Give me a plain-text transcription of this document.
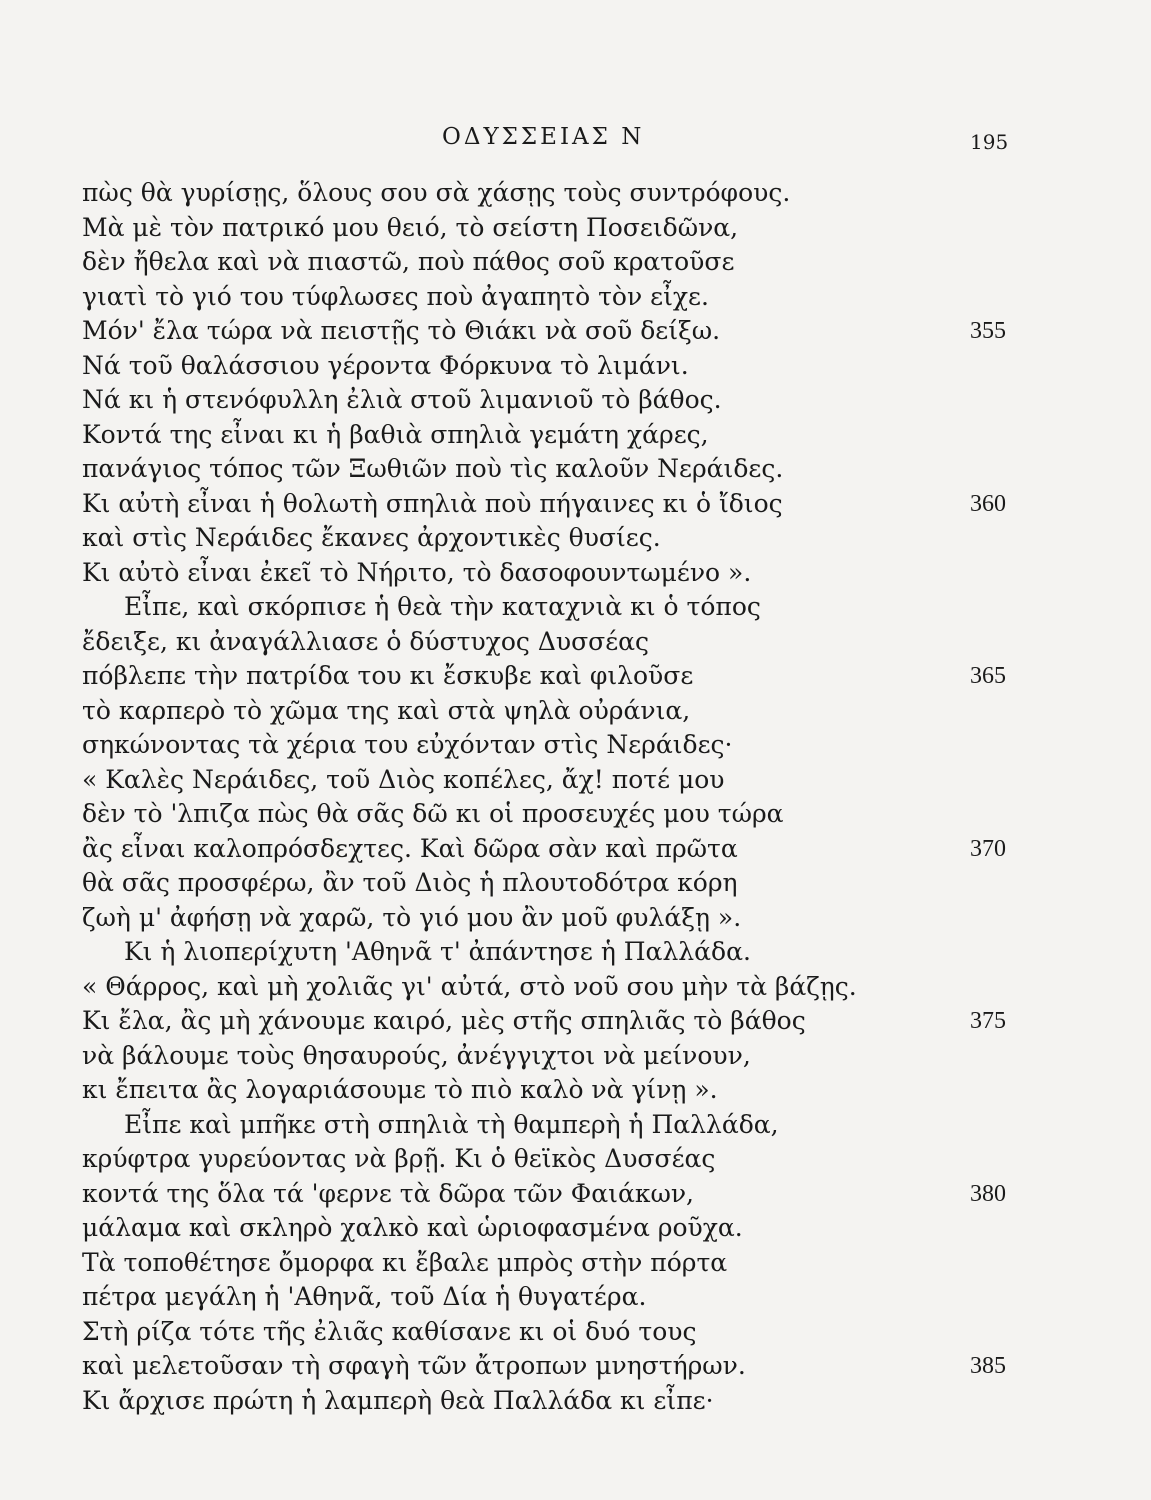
ΟΔΥΣΣΕΙΑΣ Ν	195
πὼς θὰ γυρίσῃς, ὅλους σου σὰ χάσῃς τοὺς συντρόφους.
Μὰ μὲ τὸν πατρικό μου θειό, τὸ σείστη Ποσειδῶνα,
δὲν ἤθελα καὶ νὰ πιαστῶ, ποὺ πάθος σοῦ κρατοῦσε
γιατὶ τὸ γιό του τύφλωσες ποὺ ἀγαπητὸ τὸν εἶχε.
Μόν' ἔλα τώρα νὰ πειστῇς τὸ Θιάκι νὰ σοῦ δείξω.	355
Νά τοῦ θαλάσσιου γέροντα Φόρκυνα τὸ λιμάνι.
Νά κι ἡ στενόφυλλη ἐλιὰ στοῦ λιμανιοῦ τὸ βάθος.
Κοντά της εἶναι κι ἡ βαθιὰ σπηλιὰ γεμάτη χάρες,
πανάγιος τόπος τῶν Ξωθιῶν ποὺ τὶς καλοῦν Νεράιδες.
Κι αὐτὴ εἶναι ἡ θολωτὴ σπηλιὰ ποὺ πήγαινες κι ὁ ἴδιος	360
καὶ στὶς Νεράιδες ἔκανες ἀρχοντικὲς θυσίες.
Κι αὐτὸ εἶναι ἐκεῖ τὸ Νήριτο, τὸ δασοφουντωμένο ».
Εἶπε, καὶ σκόρπισε ἡ θεὰ τὴν καταχνιὰ κι ὁ τόπος
ἔδειξε, κι ἀναγάλλιασε ὁ δύστυχος Δυσσέας
πόβλεπε τὴν πατρίδα του κι ἔσκυβε καὶ φιλοῦσε	365
τὸ καρπερὸ τὸ χῶμα της καὶ στὰ ψηλὰ οὐράνια,
σηκώνοντας τὰ χέρια του εὐχόνταν στὶς Νεράιδες·
« Καλὲς Νεράιδες, τοῦ Διὸς κοπέλες, ἄχ! ποτέ μου
δὲν τὸ 'λπιζα πὼς θὰ σᾶς δῶ κι οἱ προσευχές μου τώρα
ἂς εἶναι καλοπρόσδεχτες. Καὶ δῶρα σὰν καὶ πρῶτα	370
θὰ σᾶς προσφέρω, ἂν τοῦ Διὸς ἡ πλουτοδότρα κόρη
ζωὴ μ' ἀφήσῃ νὰ χαρῶ, τὸ γιό μου ἂν μοῦ φυλάξῃ ».
Κι ἡ λιοπερίχυτη 'Αθηνᾶ τ' ἀπάντησε ἡ Παλλάδα.
« Θάρρος, καὶ μὴ χολιᾶς γι' αὐτά, στὸ νοῦ σου μὴν τὰ βάζῃς.
Κι ἔλα, ἂς μὴ χάνουμε καιρό, μὲς στῆς σπηλιᾶς τὸ βάθος	375
νὰ βάλουμε τοὺς θησαυρούς, ἀνέγγιχτοι νὰ μείνουν,
κι ἔπειτα ἂς λογαριάσουμε τὸ πιὸ καλὸ νὰ γίνῃ ».
Εἶπε καὶ μπῆκε στὴ σπηλιὰ τὴ θαμπερὴ ἡ Παλλάδα,
κρύφτρα γυρεύοντας νὰ βρῇ. Κι ὁ θεϊκὸς Δυσσέας
κοντά της ὅλα τά 'φερνε τὰ δῶρα τῶν Φαιάκων,	380
μάλαμα καὶ σκληρὸ χαλκὸ καὶ ὡριοφασμένα ροῦχα.
Τὰ τοποθέτησε ὄμορφα κι ἔβαλε μπρὸς στὴν πόρτα
πέτρα μεγάλη ἡ 'Αθηνᾶ, τοῦ Δία ἡ θυγατέρα.
Στὴ ρίζα τότε τῆς ἐλιᾶς καθίσανε κι οἱ δυό τους
καὶ μελετοῦσαν τὴ σφαγὴ τῶν ἄτροπων μνηστήρων.	385
Κι ἄρχισε πρώτη ἡ λαμπερὴ θεὰ Παλλάδα κι εἶπε·
